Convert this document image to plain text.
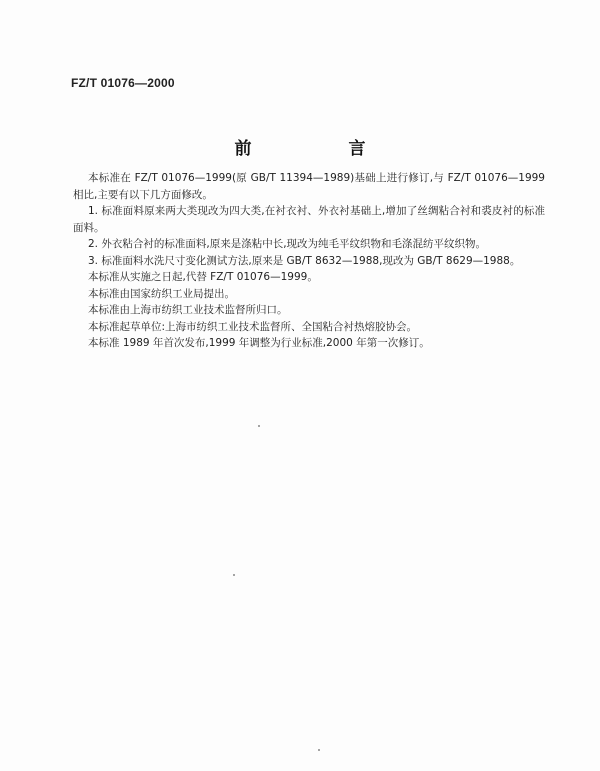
FZ/T 01076—2000
前　言

本标准在 FZ/T 01076—1999(原 GB/T 11394—1989)基础上进行修订,与 FZ/T 01076—1999 相比,主要有以下几方面修改。

1. 标准面料原来两大类现改为四大类,在衬衣衬、外衣衬基础上,增加了丝绸粘合衬和裘皮衬的标准面料。

2. 外衣粘合衬的标准面料,原来是涤粘中长,现改为纯毛平纹织物和毛涤混纺平纹织物。

3. 标准面料水洗尺寸变化测试方法,原来是 GB/T 8632—1988,现改为 GB/T 8629—1988。

本标准从实施之日起,代替 FZ/T 01076—1999。

本标准由国家纺织工业局提出。

本标准由上海市纺织工业技术监督所归口。

本标准起草单位:上海市纺织工业技术监督所、全国粘合衬热熔胶协会。

本标准 1989 年首次发布,1999 年调整为行业标准,2000 年第一次修订。
